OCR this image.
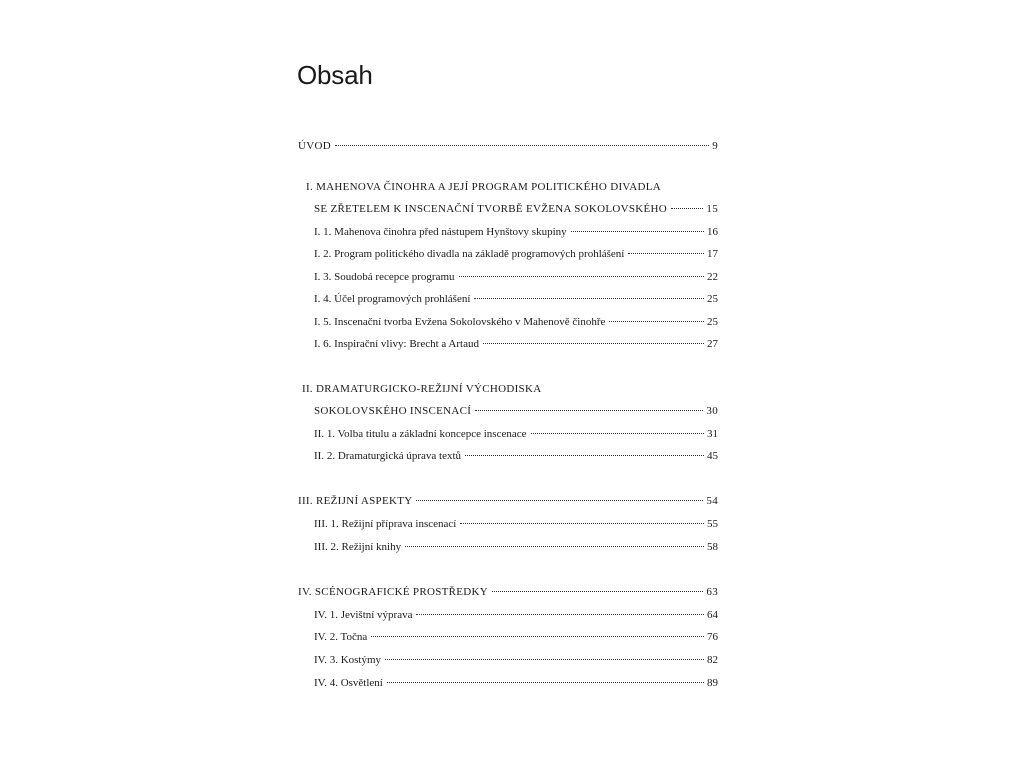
Obsah
ÚVOD	9
I. MAHENOVA ČINOHRA A JEJÍ PROGRAM POLITICKÉHO DIVADLA
SE ZŘETELEM K INSCENAČNÍ TVORBĚ EVŽENA SOKOLOVSKÉHO	15
I. 1. Mahenova činohra před nástupem Hynštovy skupiny	16
I. 2. Program politického divadla na základě programových prohlášení	17
I. 3. Soudobá recepce programu	22
I. 4. Účel programových prohlášení	25
I. 5. Inscenační tvorba Evžena Sokolovského v Mahenově činohře	25
I. 6. Inspirační vlivy: Brecht a Artaud	27
II. DRAMATURGICKO-REŽIJNÍ VÝCHODISKA
SOKOLOVSKÉHO INSCENACÍ	30
II. 1. Volba titulu a základní koncepce inscenace	31
II. 2. Dramaturgická úprava textů	45
III. REŽIJNÍ ASPEKTY	54
III. 1. Režijní příprava inscenací	55
III. 2. Režijní knihy	58
IV. SCÉNOGRAFICKÉ PROSTŘEDKY	63
IV. 1. Jevištní výprava	64
IV. 2. Točna	76
IV. 3. Kostýmy	82
IV. 4. Osvětlení	89
